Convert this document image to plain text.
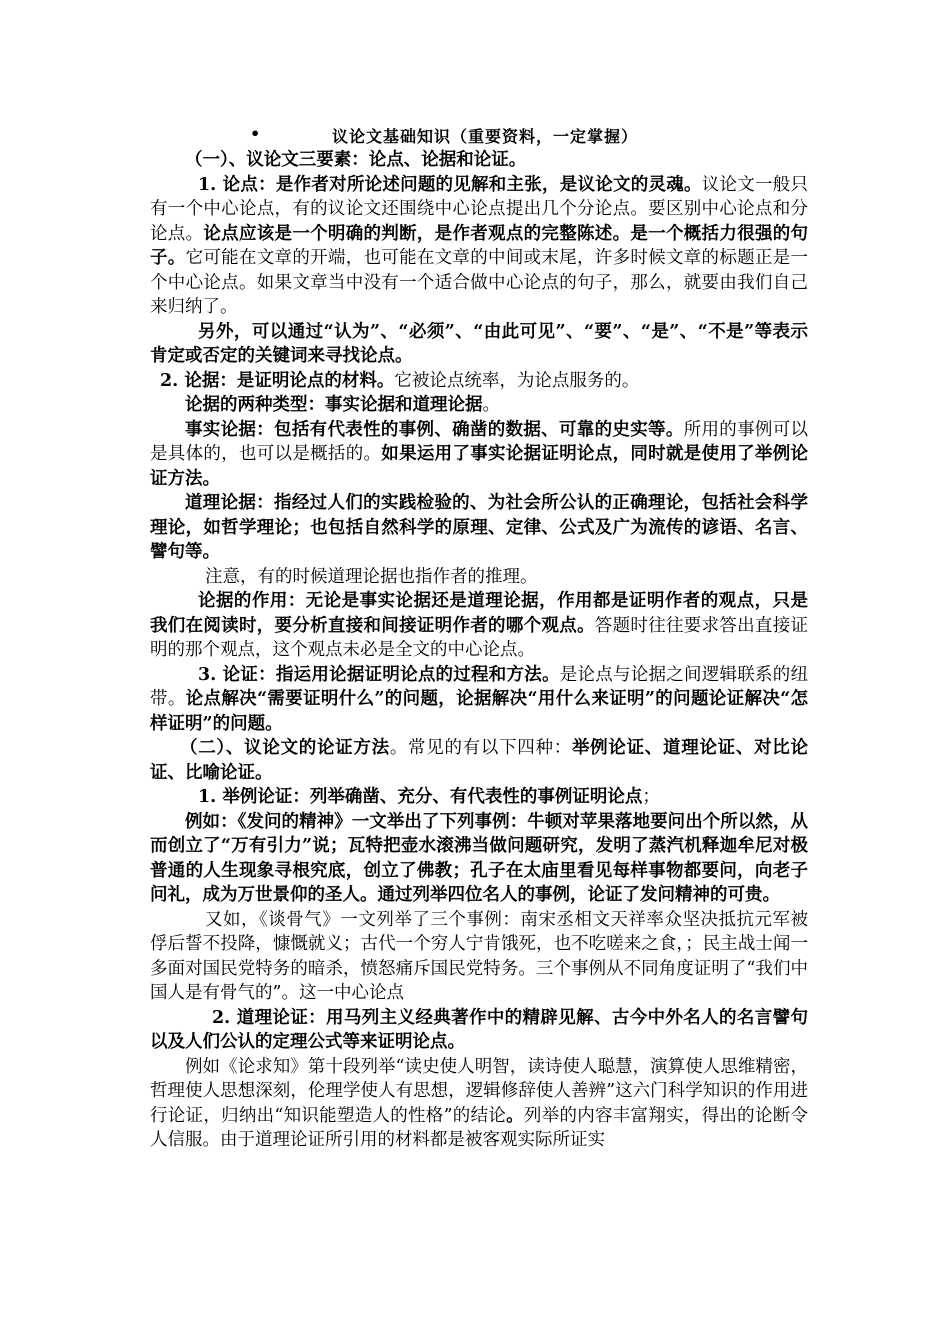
•	议论文基础知识（重要资料，一定掌握）

（一）、议论文三要素：论点、论据和论证。

1. 论点：是作者对所论述问题的见解和主张，是议论文的灵魂。议论文一般只有一个中心论点，有的议论文还围绕中心论点提出几个分论点。要区别中心论点和分论点。论点应该是一个明确的判断，是作者观点的完整陈述。是一个概括力很强的句子。它可能在文章的开端，也可能在文章的中间或末尾，许多时候文章的标题正是一个中心论点。如果文章当中没有一个适合做中心论点的句子，那么，就要由我们自己来归纳了。

另外，可以通过“认为”、“必须”、“由此可见”、“要”、“是”、“不是”等表示肯定或否定的关键词来寻找论点。

2. 论据：是证明论点的材料。它被论点统率，为论点服务的。

论据的两种类型：事实论据和道理论据。

事实论据：包括有代表性的事例、确凿的数据、可靠的史实等。所用的事例可以是具体的，也可以是概括的。如果运用了事实论据证明论点，同时就是使用了举例论证方法。

道理论据：指经过人们的实践检验的、为社会所公认的正确理论，包括社会科学理论，如哲学理论；也包括自然科学的原理、定律、公式及广为流传的谚语、名言、譬句等。

注意，有的时候道理论据也指作者的推理。

论据的作用：无论是事实论据还是道理论据，作用都是证明作者的观点，只是我们在阅读时，要分析直接和间接证明作者的哪个观点。答题时往往要求答出直接证明的那个观点，这个观点未必是全文的中心论点。

3. 论证：指运用论据证明论点的过程和方法。是论点与论据之间逻辑联系的纽带。论点解决“需要证明什么”的问题，论据解决“用什么来证明”的问题论证解决“怎样证明”的问题。

（二）、议论文的论证方法。常见的有以下四种：举例论证、道理论证、对比论证、比喻论证。

1. 举例论证：列举确凿、充分、有代表性的事例证明论点；

例如：《发问的精神》一文举出了下列事例：牛顿对苹果落地要问出个所以然，从而创立了“万有引力”说；瓦特把壶水滚沸当做问题研究，发明了蒸汽机释迦牟尼对极普通的人生现象寻根究底，创立了佛教；孔子在太庙里看见每样事物都要问，向老子问礼，成为万世景仰的圣人。通过列举四位名人的事例，论证了发问精神的可贵。

又如，《谈骨气》一文列举了三个事例：南宋丞相文天祥率众坚决抵抗元军被俘后誓不投降，慷慨就义；古代一个穷人宁肯饿死，也不吃嗟来之食，；民主战士闻一多面对国民党特务的暗杀，愤怒痛斥国民党特务。三个事例从不同角度证明了“我们中国人是有骨气的”。这一中心论点

2. 道理论证：用马列主义经典著作中的精辟见解、古今中外名人的名言譬句以及人们公认的定理公式等来证明论点。

例如《论求知》第十段列举“读史使人明智，读诗使人聪慧，演算使人思维精密，哲理使人思想深刻，伦理学使人有思想，逻辑修辞使人善辨”这六门科学知识的作用进行论证，归纳出“知识能塑造人的性格”的结论。列举的内容丰富翔实，得出的论断令人信服。由于道理论证所引用的材料都是被客观实际所证实
